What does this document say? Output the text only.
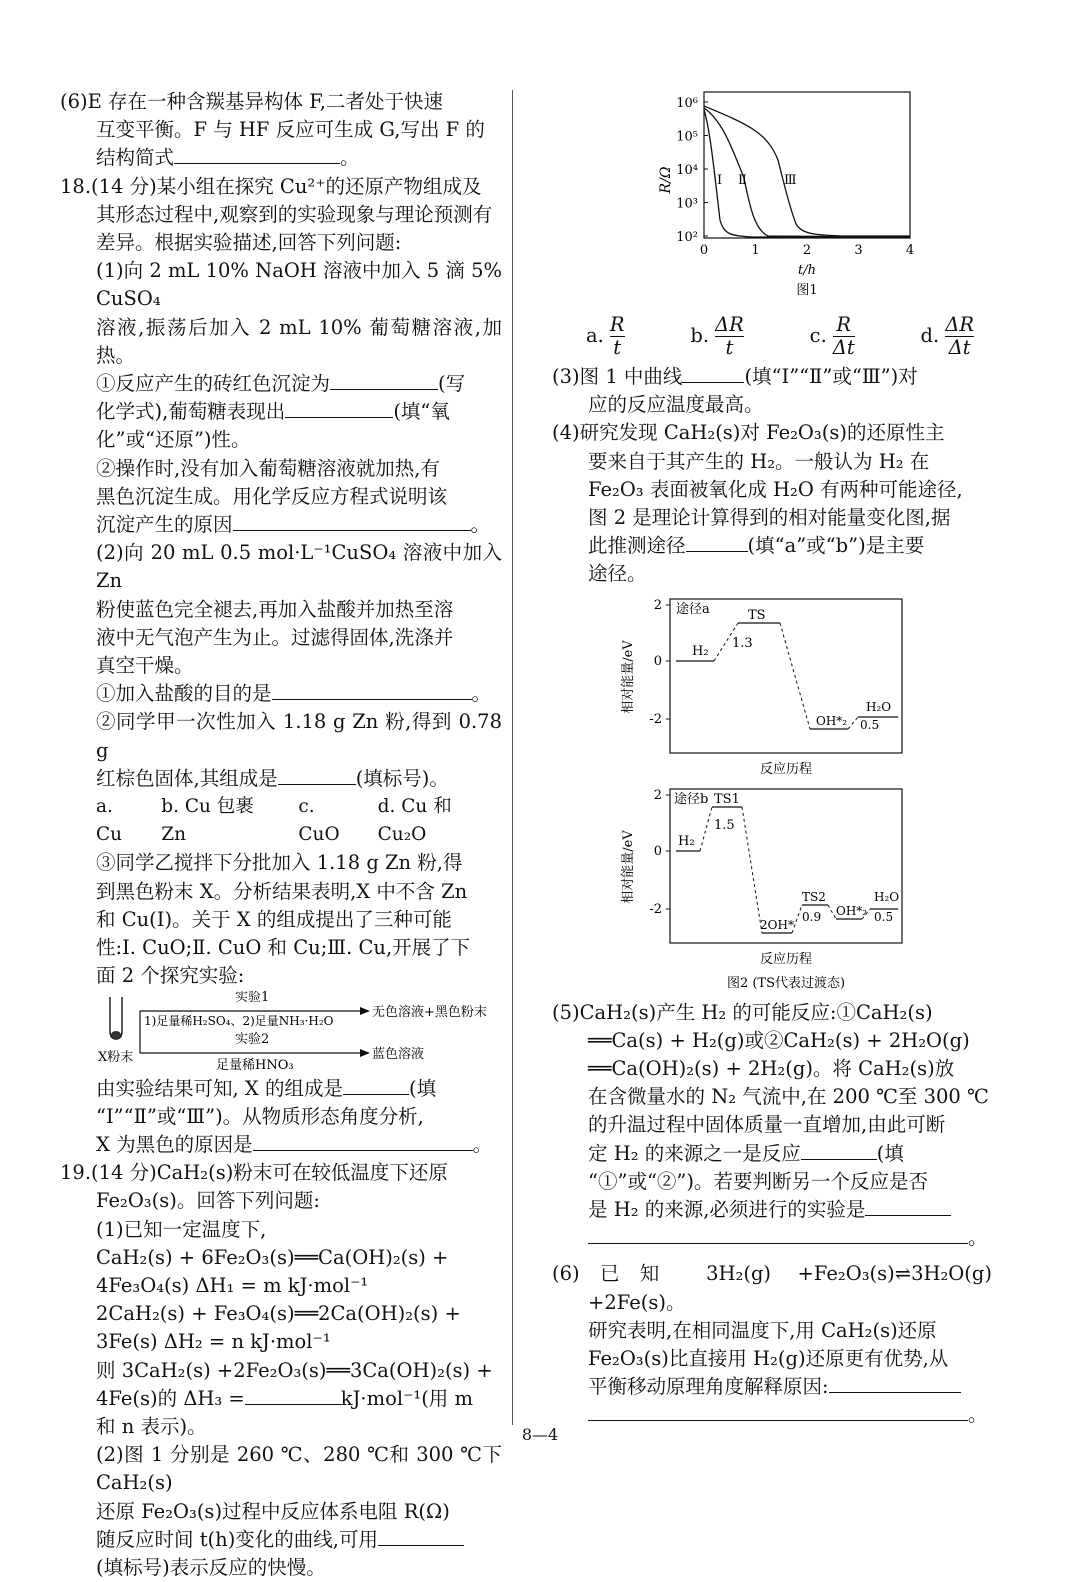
(6)E 存在一种含羰基异构体 F,二者处于快速
互变平衡。F 与 HF 反应可生成 G,写出 F 的
结构简式	。

18.(14 分)某小组在探究 Cu²⁺的还原产物组成及
其形态过程中,观察到的实验现象与理论预测有
差异。根据实验描述,回答下列问题:

(1)向 2 mL 10% NaOH 溶液中加入 5 滴 5% CuSO₄
溶液,振荡后加入 2 mL 10% 葡萄糖溶液,加热。

①反应产生的砖红色沉淀为	(写
化学式),葡萄糖表现出	(填“氧
化”或“还原”)性。

②操作时,没有加入葡萄糖溶液就加热,有
黑色沉淀生成。用化学反应方程式说明该
沉淀产生的原因	。

(2)向 20 mL 0.5 mol·L⁻¹CuSO₄ 溶液中加入 Zn
粉使蓝色完全褪去,再加入盐酸并加热至溶
液中无气泡产生为止。过滤得固体,洗涤并
真空干燥。

①加入盐酸的目的是	。

②同学甲一次性加入 1.18 g Zn 粉,得到 0.78 g
红棕色固体,其组成是	(填标号)。

a. Cu
b. Cu 包裹 Zn
c. CuO
d. Cu 和 Cu₂O

③同学乙搅拌下分批加入 1.18 g Zn 粉,得
到黑色粉末 X。分析结果表明,X 中不含 Zn
和 Cu(Ⅰ)。关于 X 的组成提出了三种可能
性:Ⅰ. CuO;Ⅱ. CuO 和 Cu;Ⅲ. Cu,开展了下
面 2 个探究实验:

X粉末
实验1
1)足量稀H₂SO₄、2)足量NH₃·H₂O
无色溶液+黑色粉末
实验2
足量稀HNO₃
蓝色溶液

由实验结果可知, X 的组成是	(填
“Ⅰ”“Ⅱ”或“Ⅲ”)。从物质形态角度分析,
X 为黑色的原因是	。

19.(14 分)CaH₂(s)粉末可在较低温度下还原
Fe₂O₃(s)。回答下列问题:

(1)已知一定温度下,
CaH₂(s) + 6Fe₂O₃(s)══Ca(OH)₂(s) +
4Fe₃O₄(s) ΔH₁ = m kJ·mol⁻¹
2CaH₂(s) + Fe₃O₄(s)══2Ca(OH)₂(s) +
3Fe(s) ΔH₂ = n kJ·mol⁻¹
则 3CaH₂(s) +2Fe₂O₃(s)══3Ca(OH)₂(s) +
4Fe(s)的 ΔH₃ =	kJ·mol⁻¹(用 m
和 n 表示)。

(2)图 1 分别是 260 ℃、280 ℃和 300 ℃下 CaH₂(s)
还原 Fe₂O₃(s)过程中反应体系电阻 R(Ω)
随反应时间 t(h)变化的曲线,可用
(填标号)表示反应的快慢。

10⁶
10⁵
10⁴
10³
10²
0	1	2	3	4
R/Ω
t/h
图1
Ⅰ Ⅱ	Ⅲ
a. $\frac{R}{t}$	b. $\frac{\Delta R}{t}$	c. $\frac{R}{\Delta t}$	d. $\frac{\Delta R}{\Delta t}$

(3)图 1 中曲线	(填“Ⅰ”“Ⅱ”或“Ⅲ”)对
应的反应温度最高。

(4)研究发现 CaH₂(s)对 Fe₂O₃(s)的还原性主
要来自于其产生的 H₂。一般认为 H₂ 在
Fe₂O₃ 表面被氧化成 H₂O 有两种可能途径,
图 2 是理论计算得到的相对能量变化图,据
此推测途径	(填“a”或“b”)是主要
途径。

2
0
-2
相对能量/eV
途径a
H₂
TS
1.3
OH*₂
H₂O
0.5
反应历程
2
0
-2
相对能量/eV
途径b
H₂
TS1
1.5
2OH*
TS2
0.9 OH*₂
H₂O
0.5
反应历程
图2 (TS代表过渡态)

(5)CaH₂(s)产生 H₂ 的可能反应:①CaH₂(s)
══Ca(s) + H₂(g)或②CaH₂(s) + 2H₂O(g)
══Ca(OH)₂(s) + 2H₂(g)。将 CaH₂(s)放
在含微量水的 N₂ 气流中,在 200 ℃至 300 ℃
的升温过程中固体质量一直增加,由此可断
定 H₂ 的来源之一是反应	(填
“①”或“②”)。若要判断另一个反应是否
是 H₂ 的来源,必须进行的实验是
。

(6)已知 3H₂(g) +Fe₂O₃(s)⇌3H₂O(g) +2Fe(s)。
研究表明,在相同温度下,用 CaH₂(s)还原
Fe₂O₃(s)比直接用 H₂(g)还原更有优势,从
平衡移动原理角度解释原因:
。

8—4
